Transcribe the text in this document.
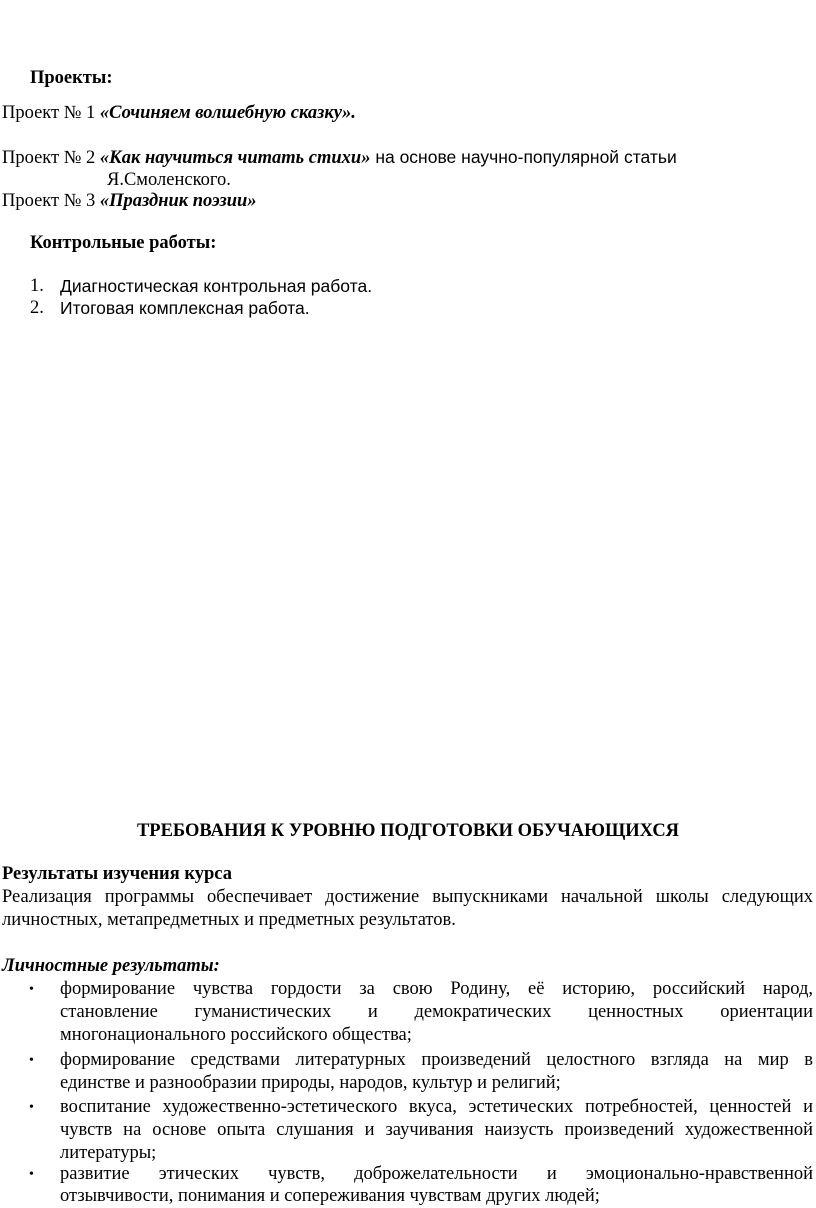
Проекты:
Проект № 1 «Сочиняем волшебную сказку».
Проект № 2 «Как научиться читать стихи» на основе научно-популярной статьи
Я.Смоленского.
Проект № 3 «Праздник поэзии»
Контрольные работы:
1. Диагностическая контрольная работа.
2. Итоговая комплексная работа.
ТРЕБОВАНИЯ К УРОВНЮ ПОДГОТОВКИ ОБУЧАЮЩИХСЯ
Результаты изучения курса
Реализация программы обеспечивает достижение выпускниками начальной школы следующих
личностных, метапредметных и предметных результатов.
Личностные результаты:
• формирование чувства гордости за свою Родину, её историю, российский народ,
становление гуманистических и демократических ценностных ориентации
многонационального российского общества;
• формирование средствами литературных произведений целостного взгляда на мир в
единстве и разнообразии природы, народов, культур и религий;
• воспитание художественно-эстетического вкуса, эстетических потребностей, ценностей и
чувств на основе опыта слушания и заучивания наизусть произведений художественной
литературы;
• развитие этических чувств, доброжелательности и эмоционально-нравственной
отзывчивости, понимания и сопереживания чувствам других людей;
